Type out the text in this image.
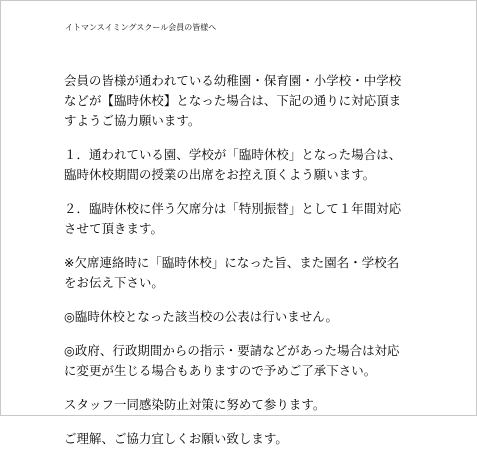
イトマンスイミングスクール会員の皆様へ

会員の皆様が通われている幼稚園・保育園・小学校・中学校
などが【臨時休校】となった場合は、下記の通りに対応頂ま
すようご協力願います。

１．通われている園、学校が「臨時休校」となった場合は、
臨時休校期間の授業の出席をお控え頂くよう願います。

２．臨時休校に伴う欠席分は「特別振替」として１年間対応
させて頂きます。

※欠席連絡時に「臨時休校」になった旨、また園名・学校名
をお伝え下さい。

◎臨時休校となった該当校の公表は行いません。

◎政府、行政期間からの指示・要請などがあった場合は対応
に変更が生じる場合もありますので予めご了承下さい。

スタッフ一同感染防止対策に努めて参ります。

ご理解、ご協力宜しくお願い致します。
